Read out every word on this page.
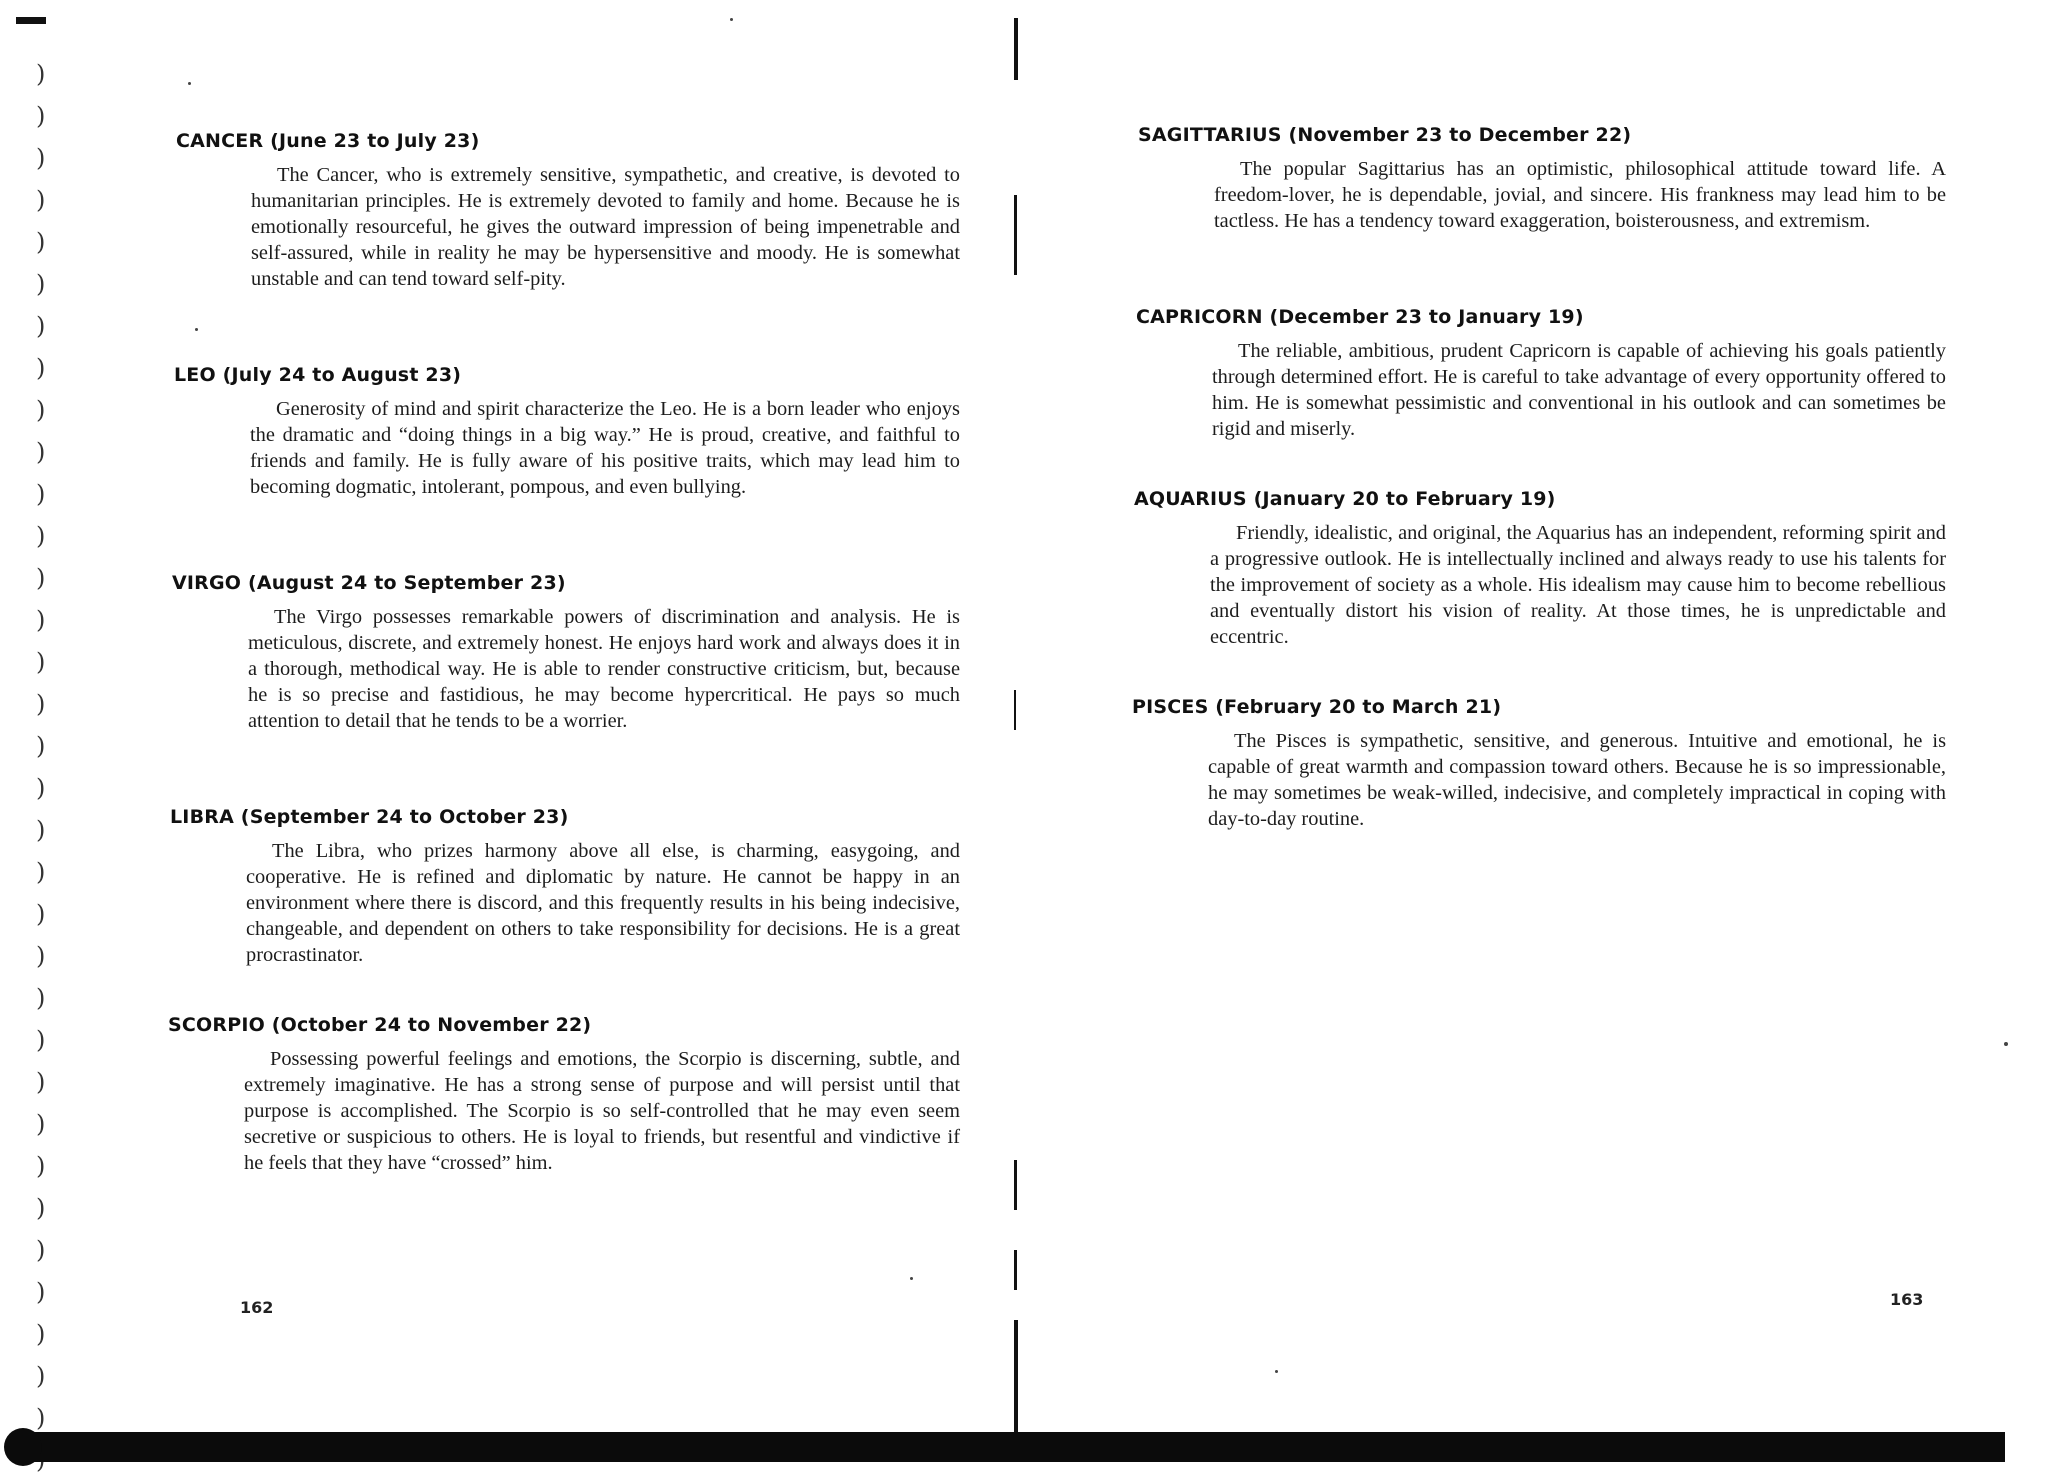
)
)
)
)
)
)
)
)
)
)
)
)
)
)
)
)
)
)
)
)
)
)
)
)
)
)
)
)
)
)
)
)
)
CANCER (June 23 to July 23)

The Cancer, who is extremely sensitive, sympathetic, and creative, is devoted to humanitarian principles. He is extremely devoted to family and home. Because he is emotionally resourceful, he gives the outward impression of being impenetrable and self-assured, while in reality he may be hypersensitive and moody. He is somewhat unstable and can tend toward self-pity.

LEO (July 24 to August 23)

Generosity of mind and spirit characterize the Leo. He is a born leader who enjoys the dramatic and “doing things in a big way.” He is proud, creative, and faithful to friends and family. He is fully aware of his positive traits, which may lead him to becoming dogmatic, intolerant, pompous, and even bullying.

VIRGO (August 24 to September 23)

The Virgo possesses remarkable powers of discrimination and analysis. He is meticulous, discrete, and extremely honest. He enjoys hard work and always does it in a thorough, methodical way. He is able to render constructive criticism, but, because he is so precise and fastidious, he may become hypercritical. He pays so much attention to detail that he tends to be a worrier.

LIBRA (September 24 to October 23)

The Libra, who prizes harmony above all else, is charming, easygoing, and cooperative. He is refined and diplomatic by nature. He cannot be happy in an environment where there is discord, and this frequently results in his being indecisive, changeable, and dependent on others to take responsibility for decisions. He is a great procrastinator.

SCORPIO (October 24 to November 22)

Possessing powerful feelings and emotions, the Scorpio is discerning, subtle, and extremely imaginative. He has a strong sense of purpose and will persist until that purpose is accomplished. The Scorpio is so self-controlled that he may even seem secretive or suspicious to others. He is loyal to friends, but resentful and vindictive if he feels that they have “crossed” him.

162
SAGITTARIUS (November 23 to December 22)

The popular Sagittarius has an optimistic, philosophical attitude toward life. A freedom-lover, he is dependable, jovial, and sincere. His frankness may lead him to be tactless. He has a tendency toward exaggeration, boisterousness, and extremism.

CAPRICORN (December 23 to January 19)

The reliable, ambitious, prudent Capricorn is capable of achieving his goals patiently through determined effort. He is careful to take advantage of every opportunity offered to him. He is somewhat pessimistic and conventional in his outlook and can sometimes be rigid and miserly.

AQUARIUS (January 20 to February 19)

Friendly, idealistic, and original, the Aquarius has an independent, reforming spirit and a progressive outlook. He is intellectually inclined and always ready to use his talents for the improvement of society as a whole. His idealism may cause him to become rebellious and eventually distort his vision of reality. At those times, he is unpredictable and eccentric.

PISCES (February 20 to March 21)

The Pisces is sympathetic, sensitive, and generous. Intuitive and emotional, he is capable of great warmth and compassion toward others. Because he is so impressionable, he may sometimes be weak-willed, indecisive, and completely impractical in coping with day-to-day routine.

163
